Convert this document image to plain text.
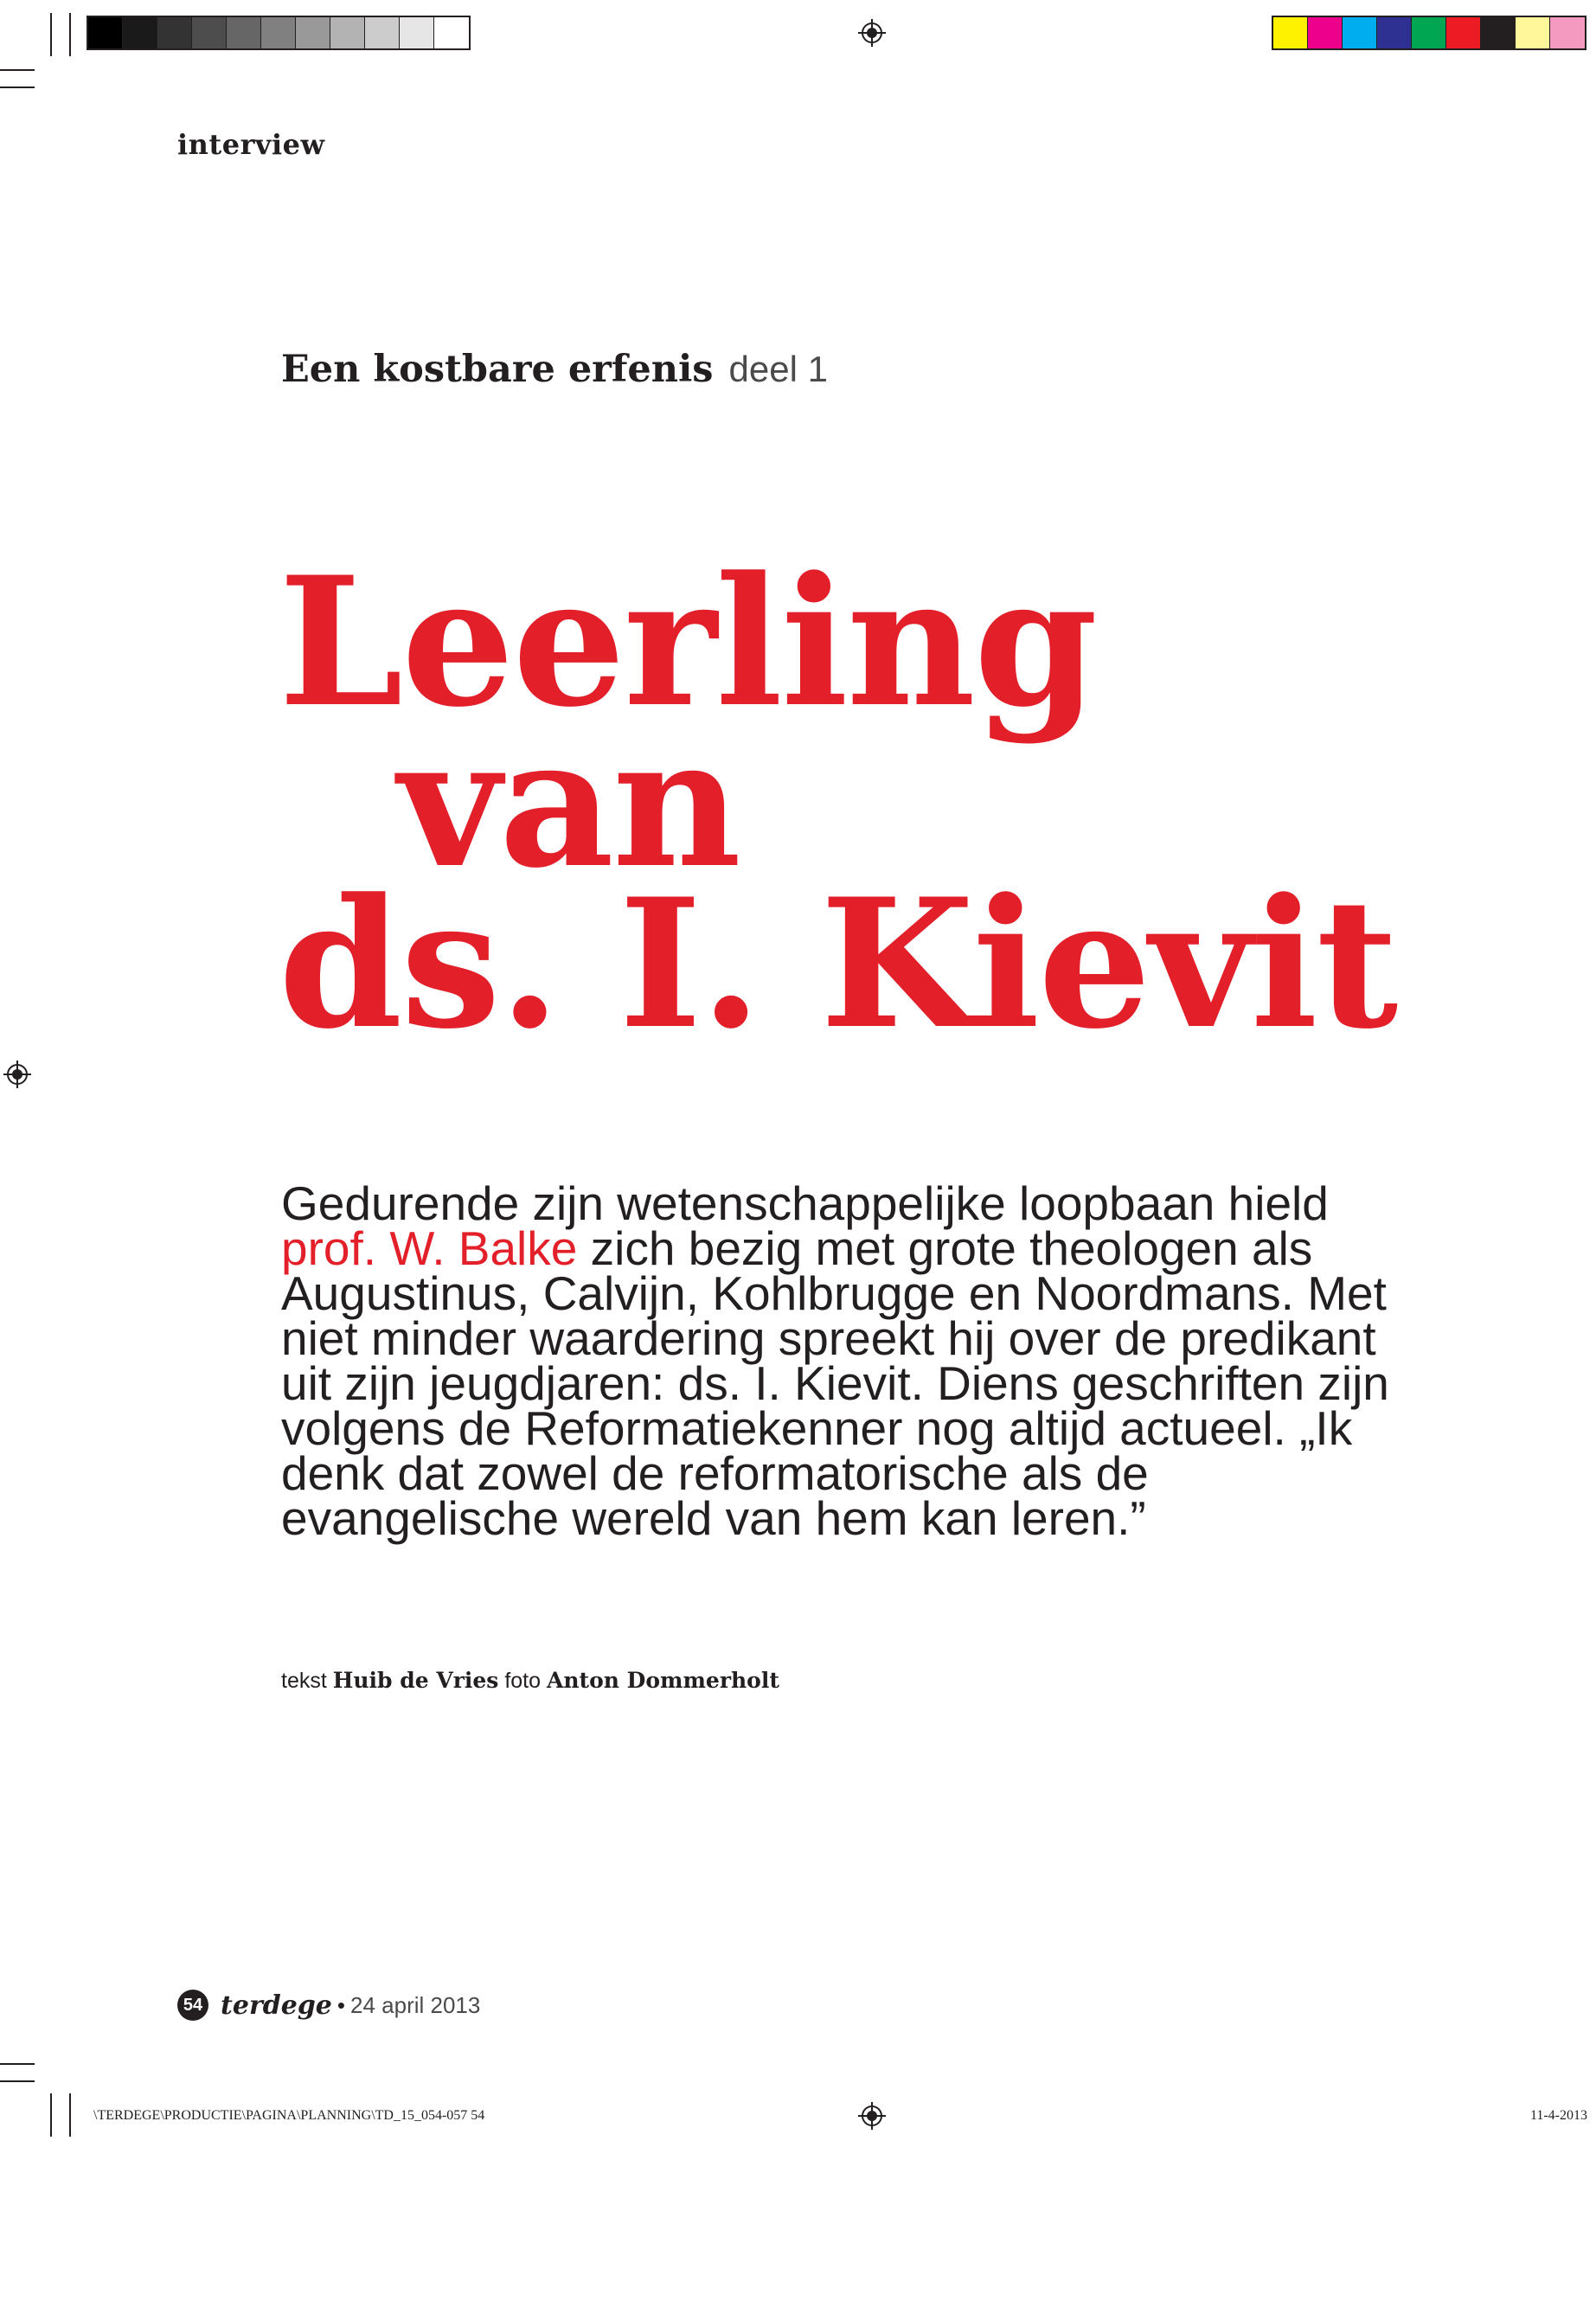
interview
Een kostbare erfenis deel 1
Leerling
van
ds. I. Kievit
Gedurende zijn wetenschappelijke loopbaan hield prof. W. Balke zich bezig met grote theologen als Augustinus, Calvijn, Kohlbrugge en Noordmans. Met niet minder waardering spreekt hij over de predikant uit zijn jeugdjaren: ds. I. Kievit. Diens geschriften zijn volgens de Reformatiekenner nog altijd actueel. „Ik denk dat zowel de reformatorische als de evangelische wereld van hem kan leren.”
tekst Huib de Vries foto Anton Dommerholt
54 terdege • 24 april 2013
\TERDEGE\PRODUCTIE\PAGINA\PLANNING\TD_15_054-057 54	11-4-2013
